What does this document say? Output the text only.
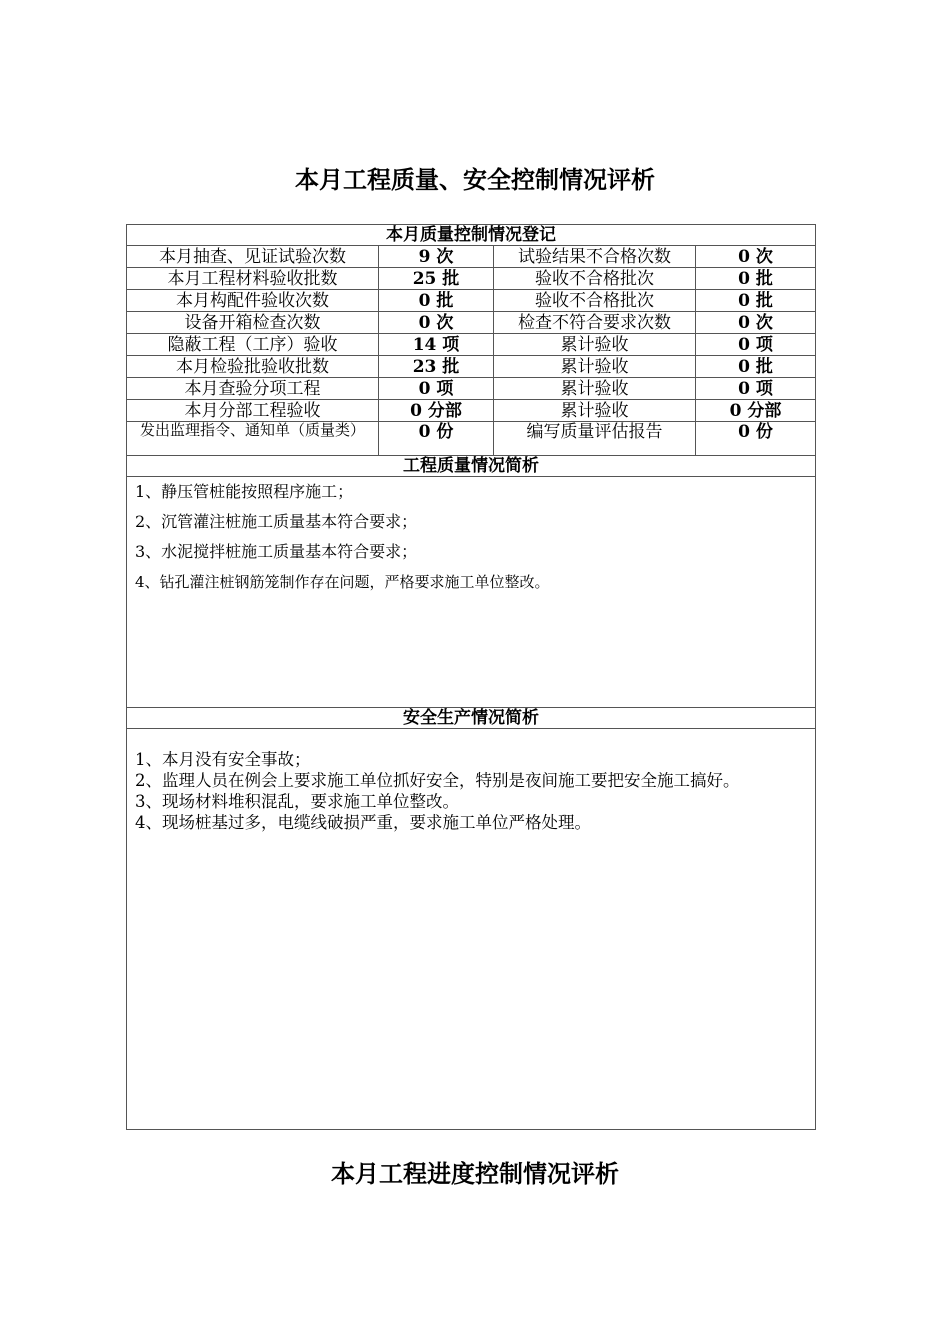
本月工程质量、安全控制情况评析
本月质量控制情况登记			
本月抽查、见证试验次数	9 次	试验结果不合格次数	0 次
本月工程材料验收批数	25 批	验收不合格批次	0 批
本月构配件验收次数	0 批	验收不合格批次	0 批
设备开箱检查次数	0 次	检查不符合要求次数	0 次
隐蔽工程（工序）验收	14 项	累计验收	0 项
本月检验批验收批数	23 批	累计验收	0 批
本月查验分项工程	0 项	累计验收	0 项
本月分部工程验收	0 分部	累计验收	0 分部
发出监理指令、通知单（质量类）	0 份	编写质量评估报告	0 份
工程质量情况简析			

1、静压管桩能按照程序施工；

2、沉管灌注桩施工质量基本符合要求；

3、水泥搅拌桩施工质量基本符合要求；

4、钻孔灌注桩钢筋笼制作存在问题，严格要求施工单位整改。			

安全生产情况简析			

1、本月没有安全事故；

2、监理人员在例会上要求施工单位抓好安全，特别是夜间施工要把安全施工搞好。

3、现场材料堆积混乱，要求施工单位整改。

4、现场桩基过多，电缆线破损严重，要求施工单位严格处理。			

本月工程进度控制情况评析
